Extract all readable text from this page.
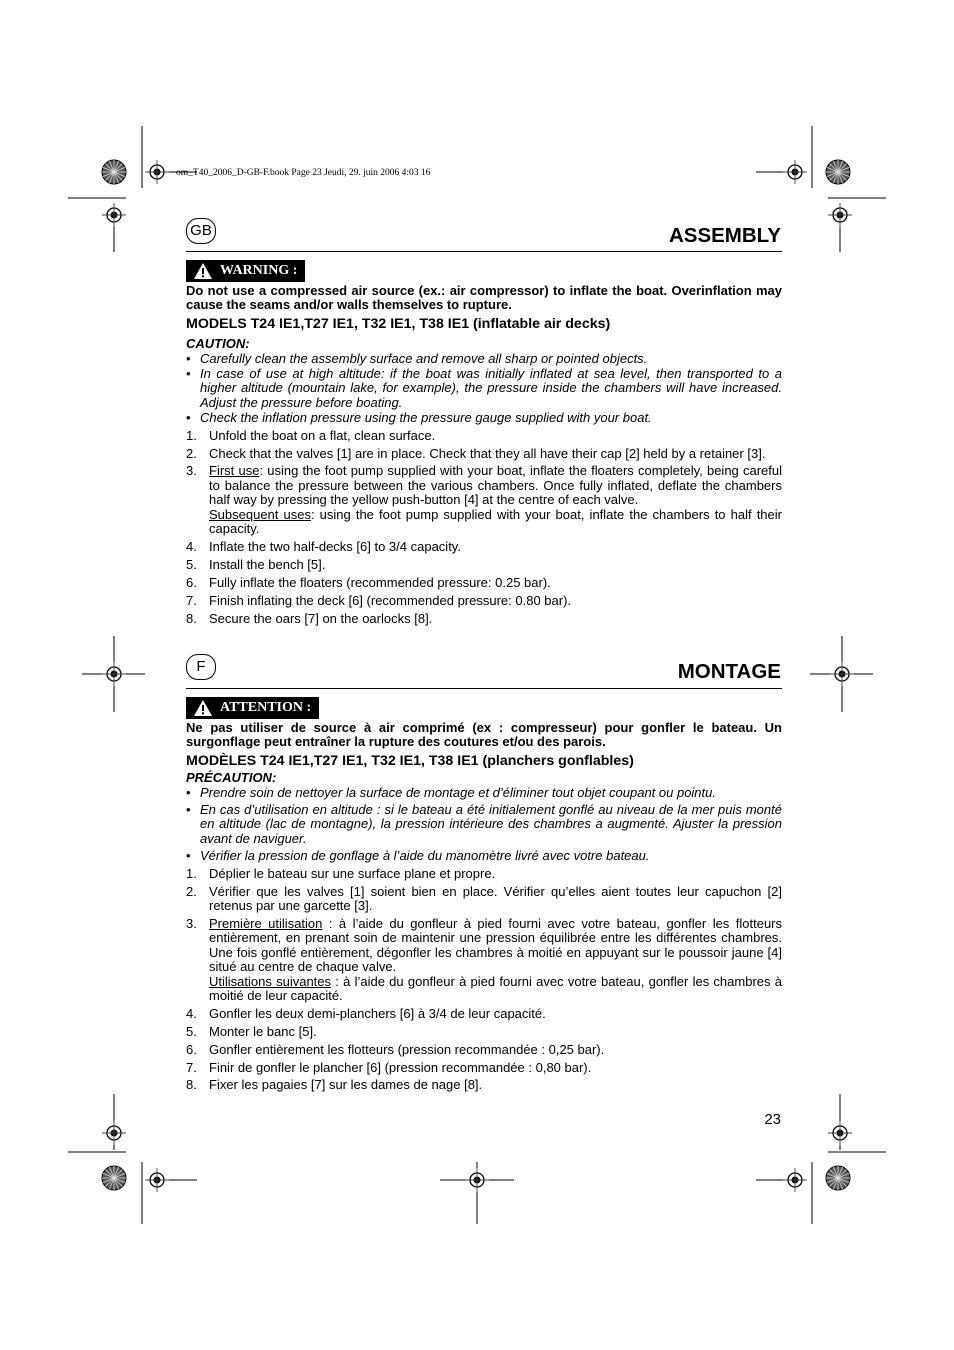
om_T40_2006_D-GB-F.book Page 23 Jeudi, 29. juin 2006 4:03 16
GB	ASSEMBLY
WARNING :
Do not use a compressed air source (ex.: air compressor) to inflate the boat. Overinflation may cause the seams and/or walls themselves to rupture.
MODELS T24 IE1,T27 IE1, T32 IE1, T38 IE1 (inflatable air decks)
CAUTION:
• Carefully clean the assembly surface and remove all sharp or pointed objects.
• In case of use at high altitude: if the boat was initially inflated at sea level, then transported to a higher altitude (mountain lake, for example), the pressure inside the chambers will have increased. Adjust the pressure before boating.
• Check the inflation pressure using the pressure gauge supplied with your boat.
1. Unfold the boat on a flat, clean surface.
2. Check that the valves [1] are in place. Check that they all have their cap [2] held by a retainer [3].
3. First use: using the foot pump supplied with your boat, inflate the floaters completely, being careful to balance the pressure between the various chambers. Once fully inflated, deflate the chambers half way by pressing the yellow push-button [4] at the centre of each valve.
Subsequent uses: using the foot pump supplied with your boat, inflate the chambers to half their capacity.
4. Inflate the two half-decks [6] to 3/4 capacity.
5. Install the bench [5].
6. Fully inflate the floaters (recommended pressure: 0.25 bar).
7. Finish inflating the deck [6] (recommended pressure: 0.80 bar).
8. Secure the oars [7] on the oarlocks [8].
F	MONTAGE
ATTENTION :
Ne pas utiliser de source à air comprimé (ex : compresseur) pour gonfler le bateau. Un surgonflage peut entraîner la rupture des coutures et/ou des parois.
MODÈLES T24 IE1,T27 IE1, T32 IE1, T38 IE1 (planchers gonflables)
PRÉCAUTION:
• Prendre soin de nettoyer la surface de montage et d’éliminer tout objet coupant ou pointu.
• En cas d’utilisation en altitude : si le bateau a été initialement gonflé au niveau de la mer puis monté en altitude (lac de montagne), la pression intérieure des chambres a augmenté. Ajuster la pression avant de naviguer.
• Vérifier la pression de gonflage à l’aide du manomètre livré avec votre bateau.
1. Déplier le bateau sur une surface plane et propre.
2. Vérifier que les valves [1] soient bien en place. Vérifier qu’elles aient toutes leur capuchon [2] retenus par une garcette [3].
3. Première utilisation : à l’aide du gonfleur à pied fourni avec votre bateau, gonfler les flotteurs entièrement, en prenant soin de maintenir une pression équilibrée entre les différentes chambres. Une fois gonflé entièrement, dégonfler les chambres à moitié en appuyant sur le poussoir jaune [4] situé au centre de chaque valve.
Utilisations suivantes : à l’aide du gonfleur à pied fourni avec votre bateau, gonfler les chambres à moitié de leur capacité.
4. Gonfler les deux demi-planchers [6] à 3/4 de leur capacité.
5. Monter le banc [5].
6. Gonfler entièrement les flotteurs (pression recommandée : 0,25 bar).
7. Finir de gonfler le plancher [6] (pression recommandée : 0,80 bar).
8. Fixer les pagaies [7] sur les dames de nage [8].
23
